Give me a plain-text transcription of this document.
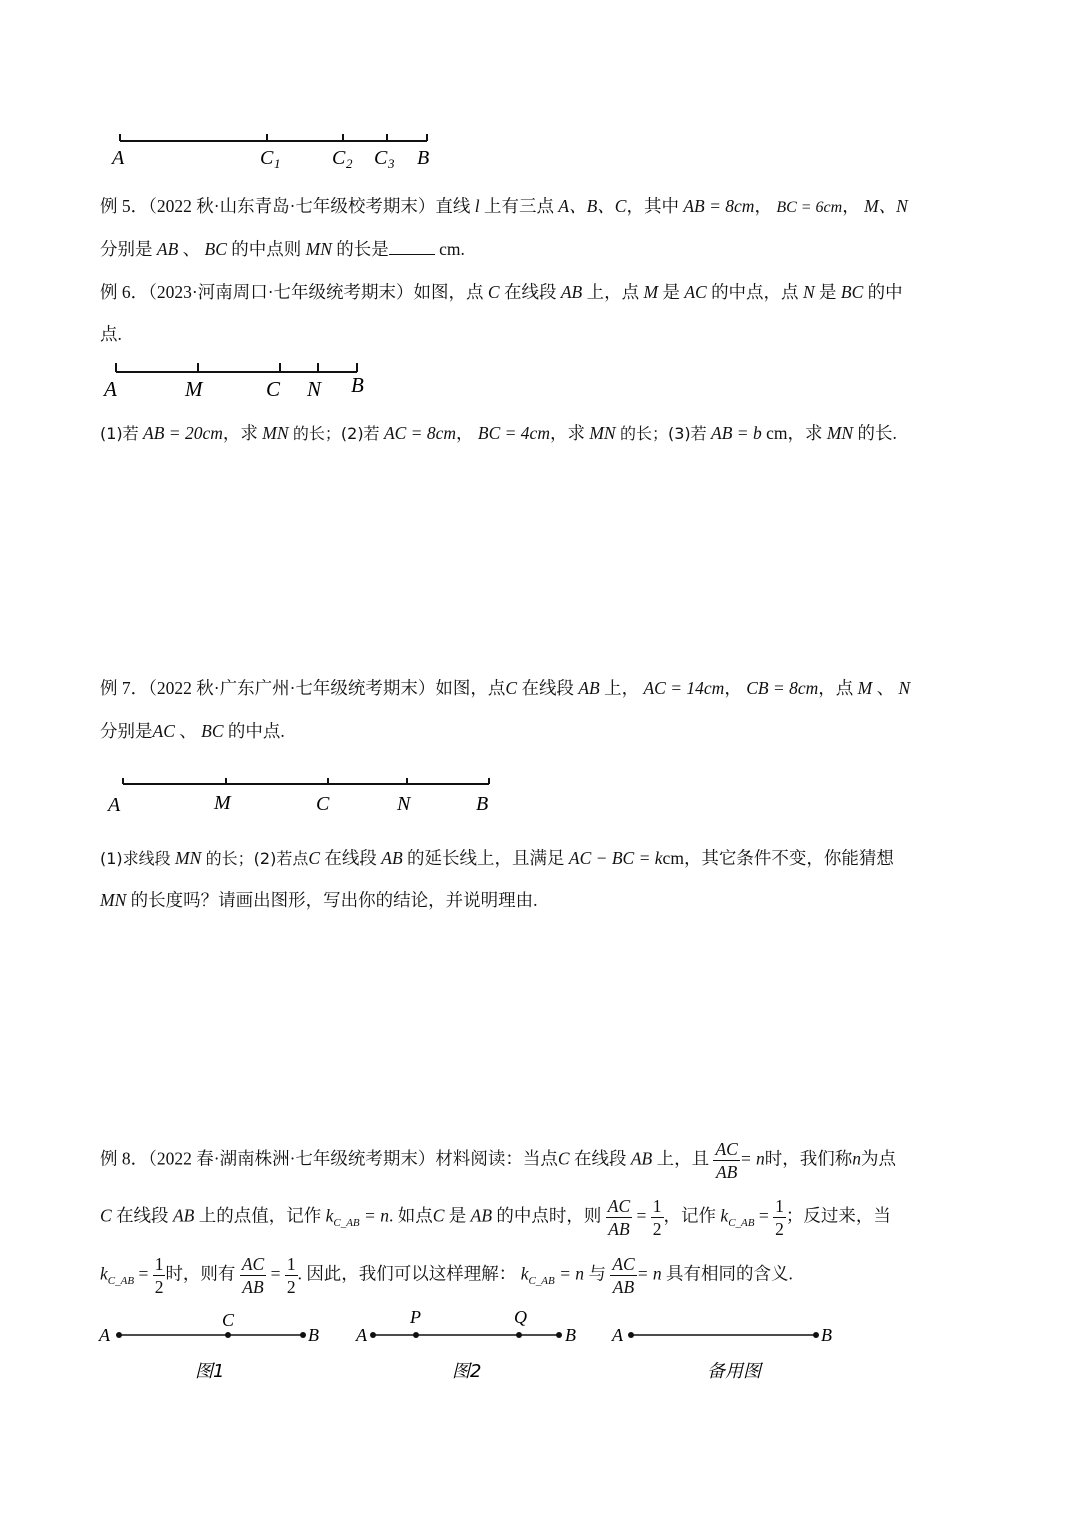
A	C 1	C 2 C 3 B
例 5．（2022 秋·山东青岛·七年级校考期末）直线 l 上有三点 A、B、C，其中 AB = 8cm， BC = 6cm， M、N
分别是 AB 、 BC 的中点则 MN 的长是	cm.
例 6．（2023·河南周口·七年级统考期末）如图，点 C 在线段 AB 上，点 M 是 AC 的中点，点 N 是 BC 的中
点.
A	M	C N B
(1)若 AB = 20cm，求 MN 的长；(2)若 AC = 8cm， BC = 4cm，求 MN 的长；(3)若 AB = b cm，求 MN 的长.
例 7．（2022 秋·广东广州·七年级统考期末）如图，点C 在线段 AB 上， AC = 14cm， CB = 8cm，点 M 、 N
分别是AC 、 BC 的中点.
A	M	C	N	B
(1)求线段 MN 的长；(2)若点C 在线段 AB 的延长线上，且满足 AC − BC = kcm，其它条件不变，你能猜想
MN 的长度吗？请画出图形，写出你的结论，并说明理由.
例 8．（2022 春·湖南株洲·七年级统考期末）材料阅读：当点C 在线段 AB 上，且 $\frac{AC}{AB} = n$时，我们称n为点
C 在线段 AB 上的点值，记作 $k_{C\_AB} = n$. 如点C 是 AB 的中点时，则 $\frac{AC}{AB} = \frac{1}{2}$ ，记作 $k_{C\_AB} = \frac{1}{2}$ ；反过来，当
$k_{C\_AB} = \frac{1}{2}$ 时，则有 $\frac{AC}{AB} = \frac{1}{2}$ . 因此，我们可以这样理解： $k_{C\_AB} = n$ 与 $\frac{AC}{AB} = n$ 具有相同的含义.
A
C
B
图1
A
P	Q
B
图2
A	B
备用图
